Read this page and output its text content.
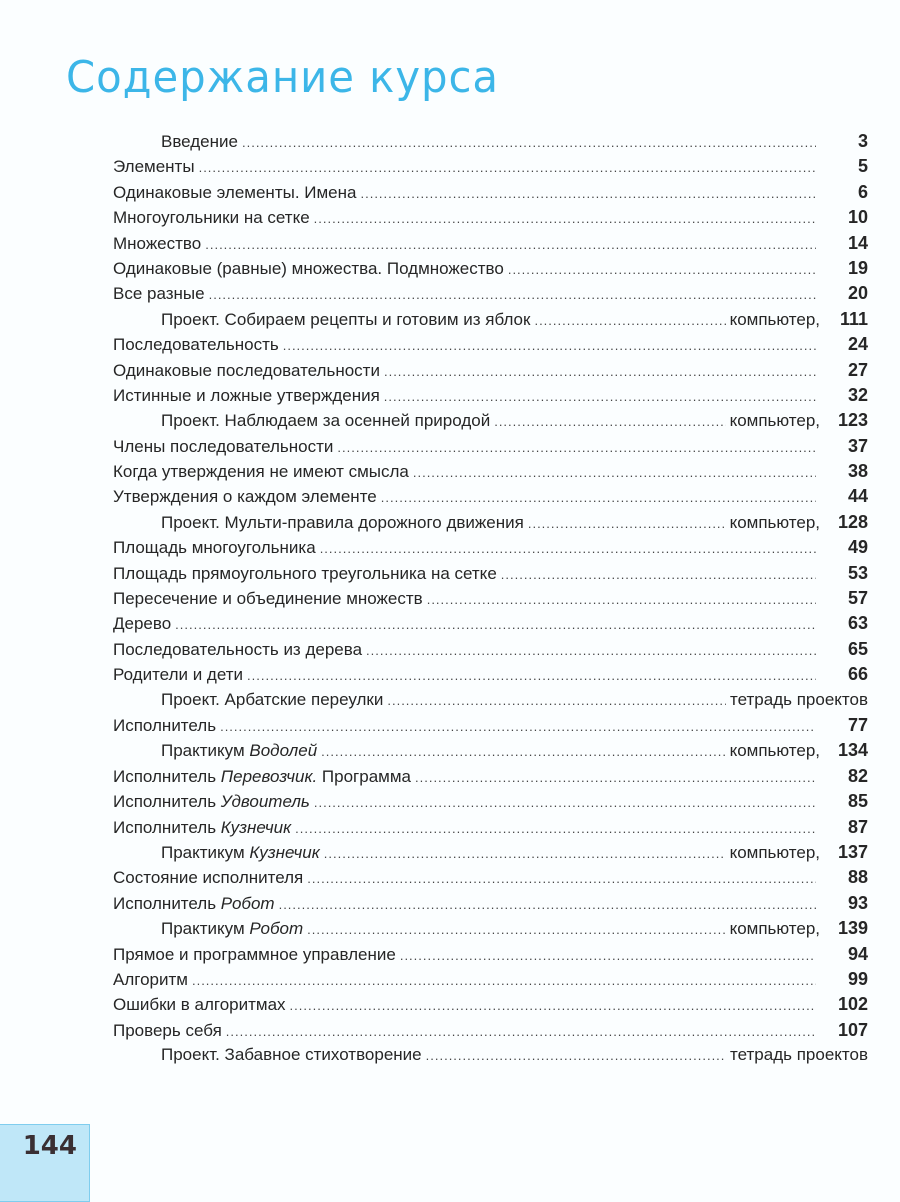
Содержание курса
Введение .....	3
Элементы .....	5
Одинаковые элементы. Имена .....	6
Многоугольники на сетке .....	10
Множество .....	14
Одинаковые (равные) множества. Подмножество .....	19
Все разные .....	20
Проект. Собираем рецепты и готовим из яблок .....	компьютер,	111
Последовательность .....	24
Одинаковые последовательности .....	27
Истинные и ложные утверждения .....	32
Проект. Наблюдаем за осенней природой .....	компьютер, 123
Члены последовательности .....	37
Когда утверждения не имеют смысла .....	38
Утверждения о каждом элементе .....	44
Проект. Мульти-правила дорожного движения .....	компьютер, 128
Площадь многоугольника .....	49
Площадь прямоугольного треугольника на сетке .....	53
Пересечение и объединение множеств .....	57
Дерево .....	63
Последовательность из дерева .....	65
Родители и дети .....	66
Проект. Арбатские переулки .....	тетрадь проектов
Исполнитель .....	77
Практикум Водолей .....	компьютер, 134
Исполнитель Перевозчик. Программа .....	82
Исполнитель Удвоитель .....	85
Исполнитель Кузнечик .....	87
Практикум Кузнечик .....	компьютер, 137
Состояние исполнителя .....	88
Исполнитель Робот .....	93
Практикум Робот .....	компьютер, 139
Прямое и программное управление .....	94
Алгоритм .....	99
Ошибки в алгоритмах .....	102
Проверь себя .....	107
Проект. Забавное стихотворение .....	тетрадь проектов
144
